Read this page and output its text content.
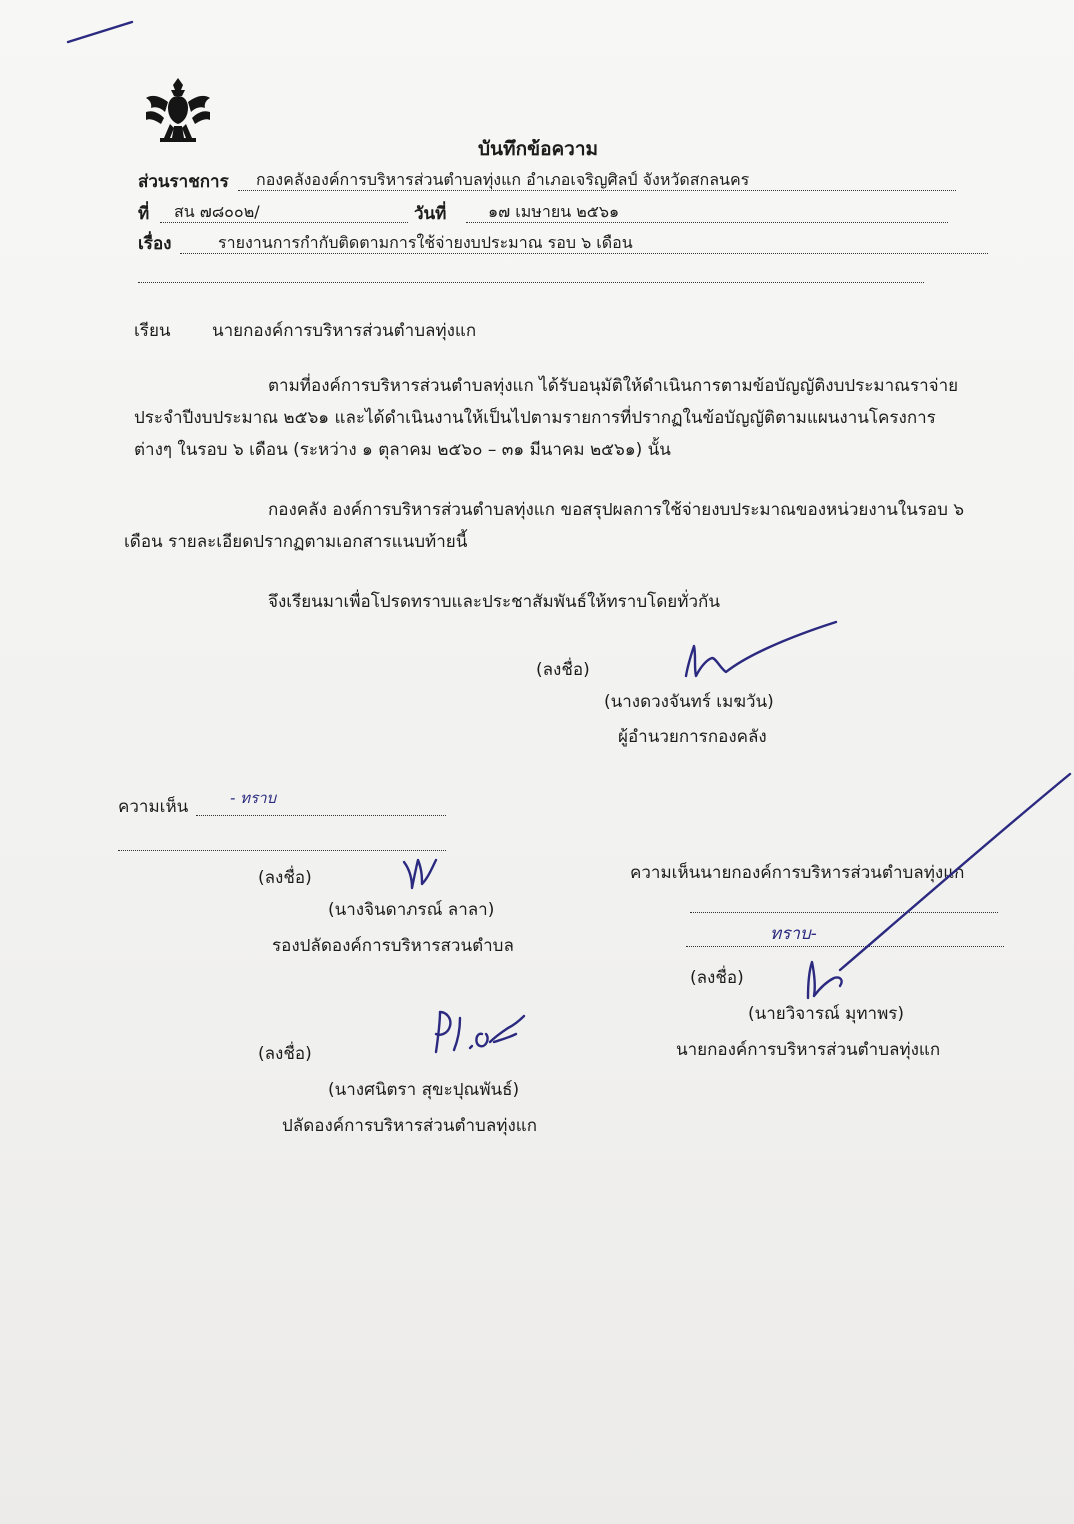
บันทึกข้อความ
ส่วนราชการ กองคลังองค์การบริหารส่วนตำบลทุ่งแก อำเภอเจริญศิลป์ จังหวัดสกลนคร
ที่ สน ๗๘๐๐๒/	วันที่	๑๗ เมษายน ๒๕๖๑
เรื่อง	รายงานการกำกับติดตามการใช้จ่ายงบประมาณ รอบ ๖ เดือน
เรียน นายกองค์การบริหารส่วนตำบลทุ่งแก
ตามที่องค์การบริหารส่วนตำบลทุ่งแก ได้รับอนุมัติให้ดำเนินการตามข้อบัญญัติงบประมาณราจ่าย
ประจำปีงบประมาณ ๒๕๖๑ และได้ดำเนินงานให้เป็นไปตามรายการที่ปรากฏในข้อบัญญัติตามแผนงานโครงการ
ต่างๆ ในรอบ ๖ เดือน (ระหว่าง ๑ ตุลาคม ๒๕๖๐ – ๓๑ มีนาคม ๒๕๖๑) นั้น
กองคลัง องค์การบริหารส่วนตำบลทุ่งแก ขอสรุปผลการใช้จ่ายงบประมาณของหน่วยงานในรอบ ๖
เดือน รายละเอียดปรากฏตามเอกสารแนบท้ายนี้
จึงเรียนมาเพื่อโปรดทราบและประชาสัมพันธ์ให้ทราบโดยทั่วกัน
(ลงชื่อ)
(นางดวงจันทร์ เมฆวัน)
ผู้อำนวยการกองคลัง
ความเห็น	- ทราบ
(ลงชื่อ)
(นางจินดาภรณ์ ลาลา)
รองปลัดองค์การบริหารสวนตำบล
ความเห็นนายกองค์การบริหารส่วนตำบลทุ่งแก
ทราบ-
(ลงชื่อ)
(นายวิจารณ์ มุทาพร)
นายกองค์การบริหารส่วนตำบลทุ่งแก
(ลงชื่อ)
(นางศนิตรา สุขะปุณพันธ์)
ปลัดองค์การบริหารส่วนตำบลทุ่งแก
